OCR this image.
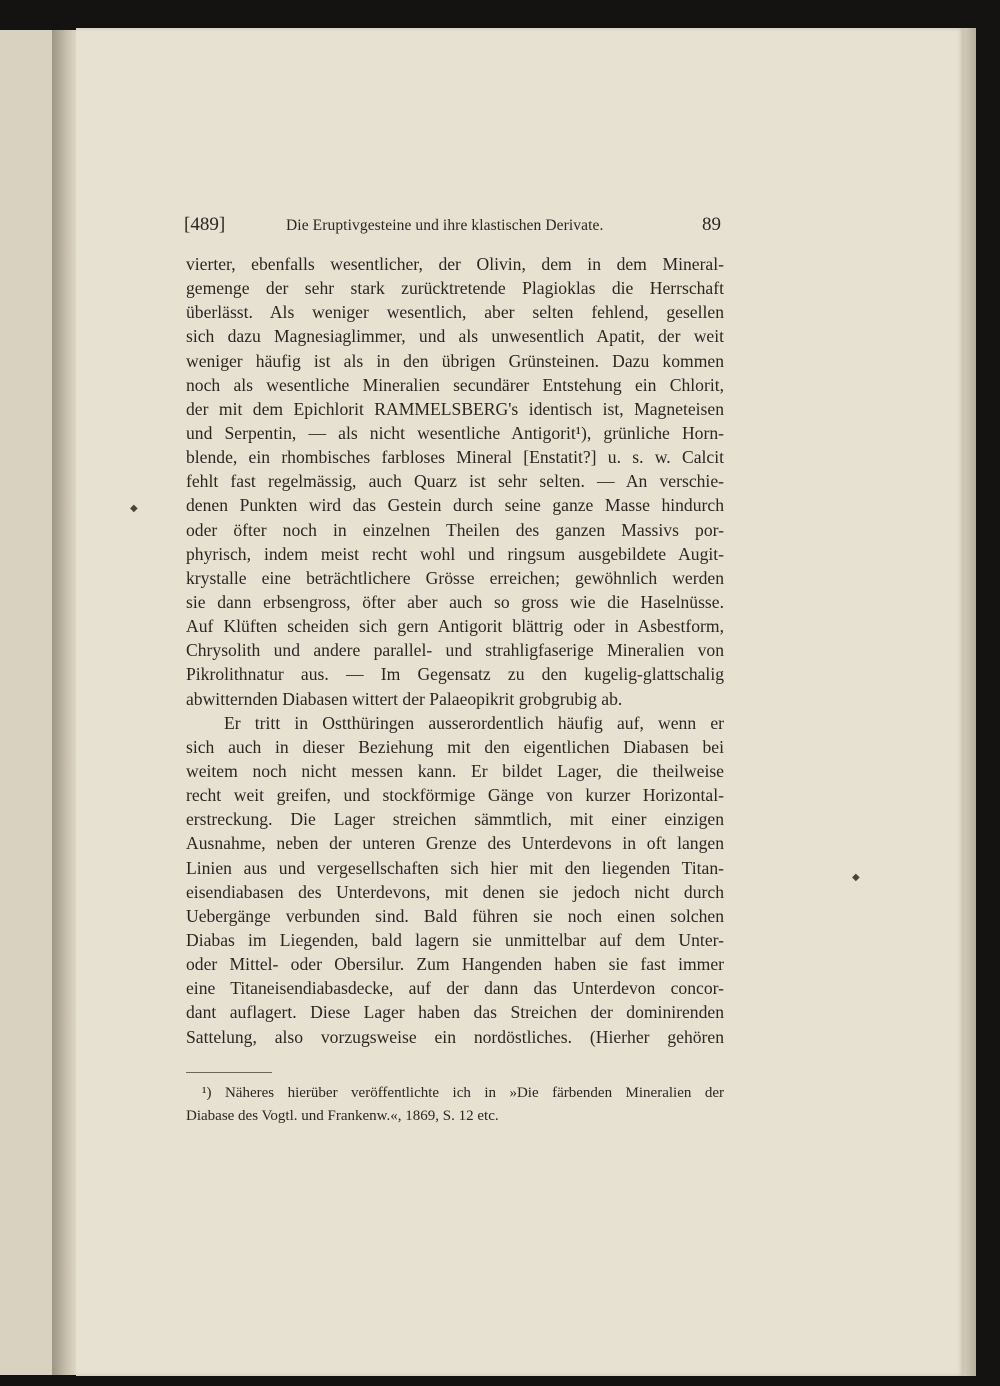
[489]	Die Eruptivgesteine und ihre klastischen Derivate.	89
vierter, ebenfalls wesentlicher, der Olivin, dem in dem Mineral-
gemenge der sehr stark zurücktretende Plagioklas die Herrschaft
überlässt. Als weniger wesentlich, aber selten fehlend, gesellen
sich dazu Magnesiaglimmer, und als unwesentlich Apatit, der weit
weniger häufig ist als in den übrigen Grünsteinen. Dazu kommen
noch als wesentliche Mineralien secundärer Entstehung ein Chlorit,
der mit dem Epichlorit RAMMELSBERG's identisch ist, Magneteisen
und Serpentin, — als nicht wesentliche Antigorit¹), grünliche Horn-
blende, ein rhombisches farbloses Mineral [Enstatit?] u. s. w. Calcit
fehlt fast regelmässig, auch Quarz ist sehr selten. — An verschie-
denen Punkten wird das Gestein durch seine ganze Masse hindurch
oder öfter noch in einzelnen Theilen des ganzen Massivs por-
phyrisch, indem meist recht wohl und ringsum ausgebildete Augit-
krystalle eine beträchtlichere Grösse erreichen; gewöhnlich werden
sie dann erbsengross, öfter aber auch so gross wie die Haselnüsse.
Auf Klüften scheiden sich gern Antigorit blättrig oder in Asbestform,
Chrysolith und andere parallel- und strahligfaserige Mineralien von
Pikrolithnatur aus. — Im Gegensatz zu den kugelig-glattschalig
abwitternden Diabasen wittert der Palaeopikrit grobgrubig ab.
Er tritt in Ostthüringen ausserordentlich häufig auf, wenn er
sich auch in dieser Beziehung mit den eigentlichen Diabasen bei
weitem noch nicht messen kann. Er bildet Lager, die theilweise
recht weit greifen, und stockförmige Gänge von kurzer Horizontal-
erstreckung. Die Lager streichen sämmtlich, mit einer einzigen
Ausnahme, neben der unteren Grenze des Unterdevons in oft langen
Linien aus und vergesellschaften sich hier mit den liegenden Titan-
eisendiabasen des Unterdevons, mit denen sie jedoch nicht durch
Uebergänge verbunden sind. Bald führen sie noch einen solchen
Diabas im Liegenden, bald lagern sie unmittelbar auf dem Unter-
oder Mittel- oder Obersilur. Zum Hangenden haben sie fast immer
eine Titaneisendiabasdecke, auf der dann das Unterdevon concor-
dant auflagert. Diese Lager haben das Streichen der dominirenden
Sattelung, also vorzugsweise ein nordöstliches. (Hierher gehören
¹) Näheres hierüber veröffentlichte ich in »Die färbenden Mineralien der
Diabase des Vogtl. und Frankenw.«, 1869, S. 12 etc.
◆
◆
